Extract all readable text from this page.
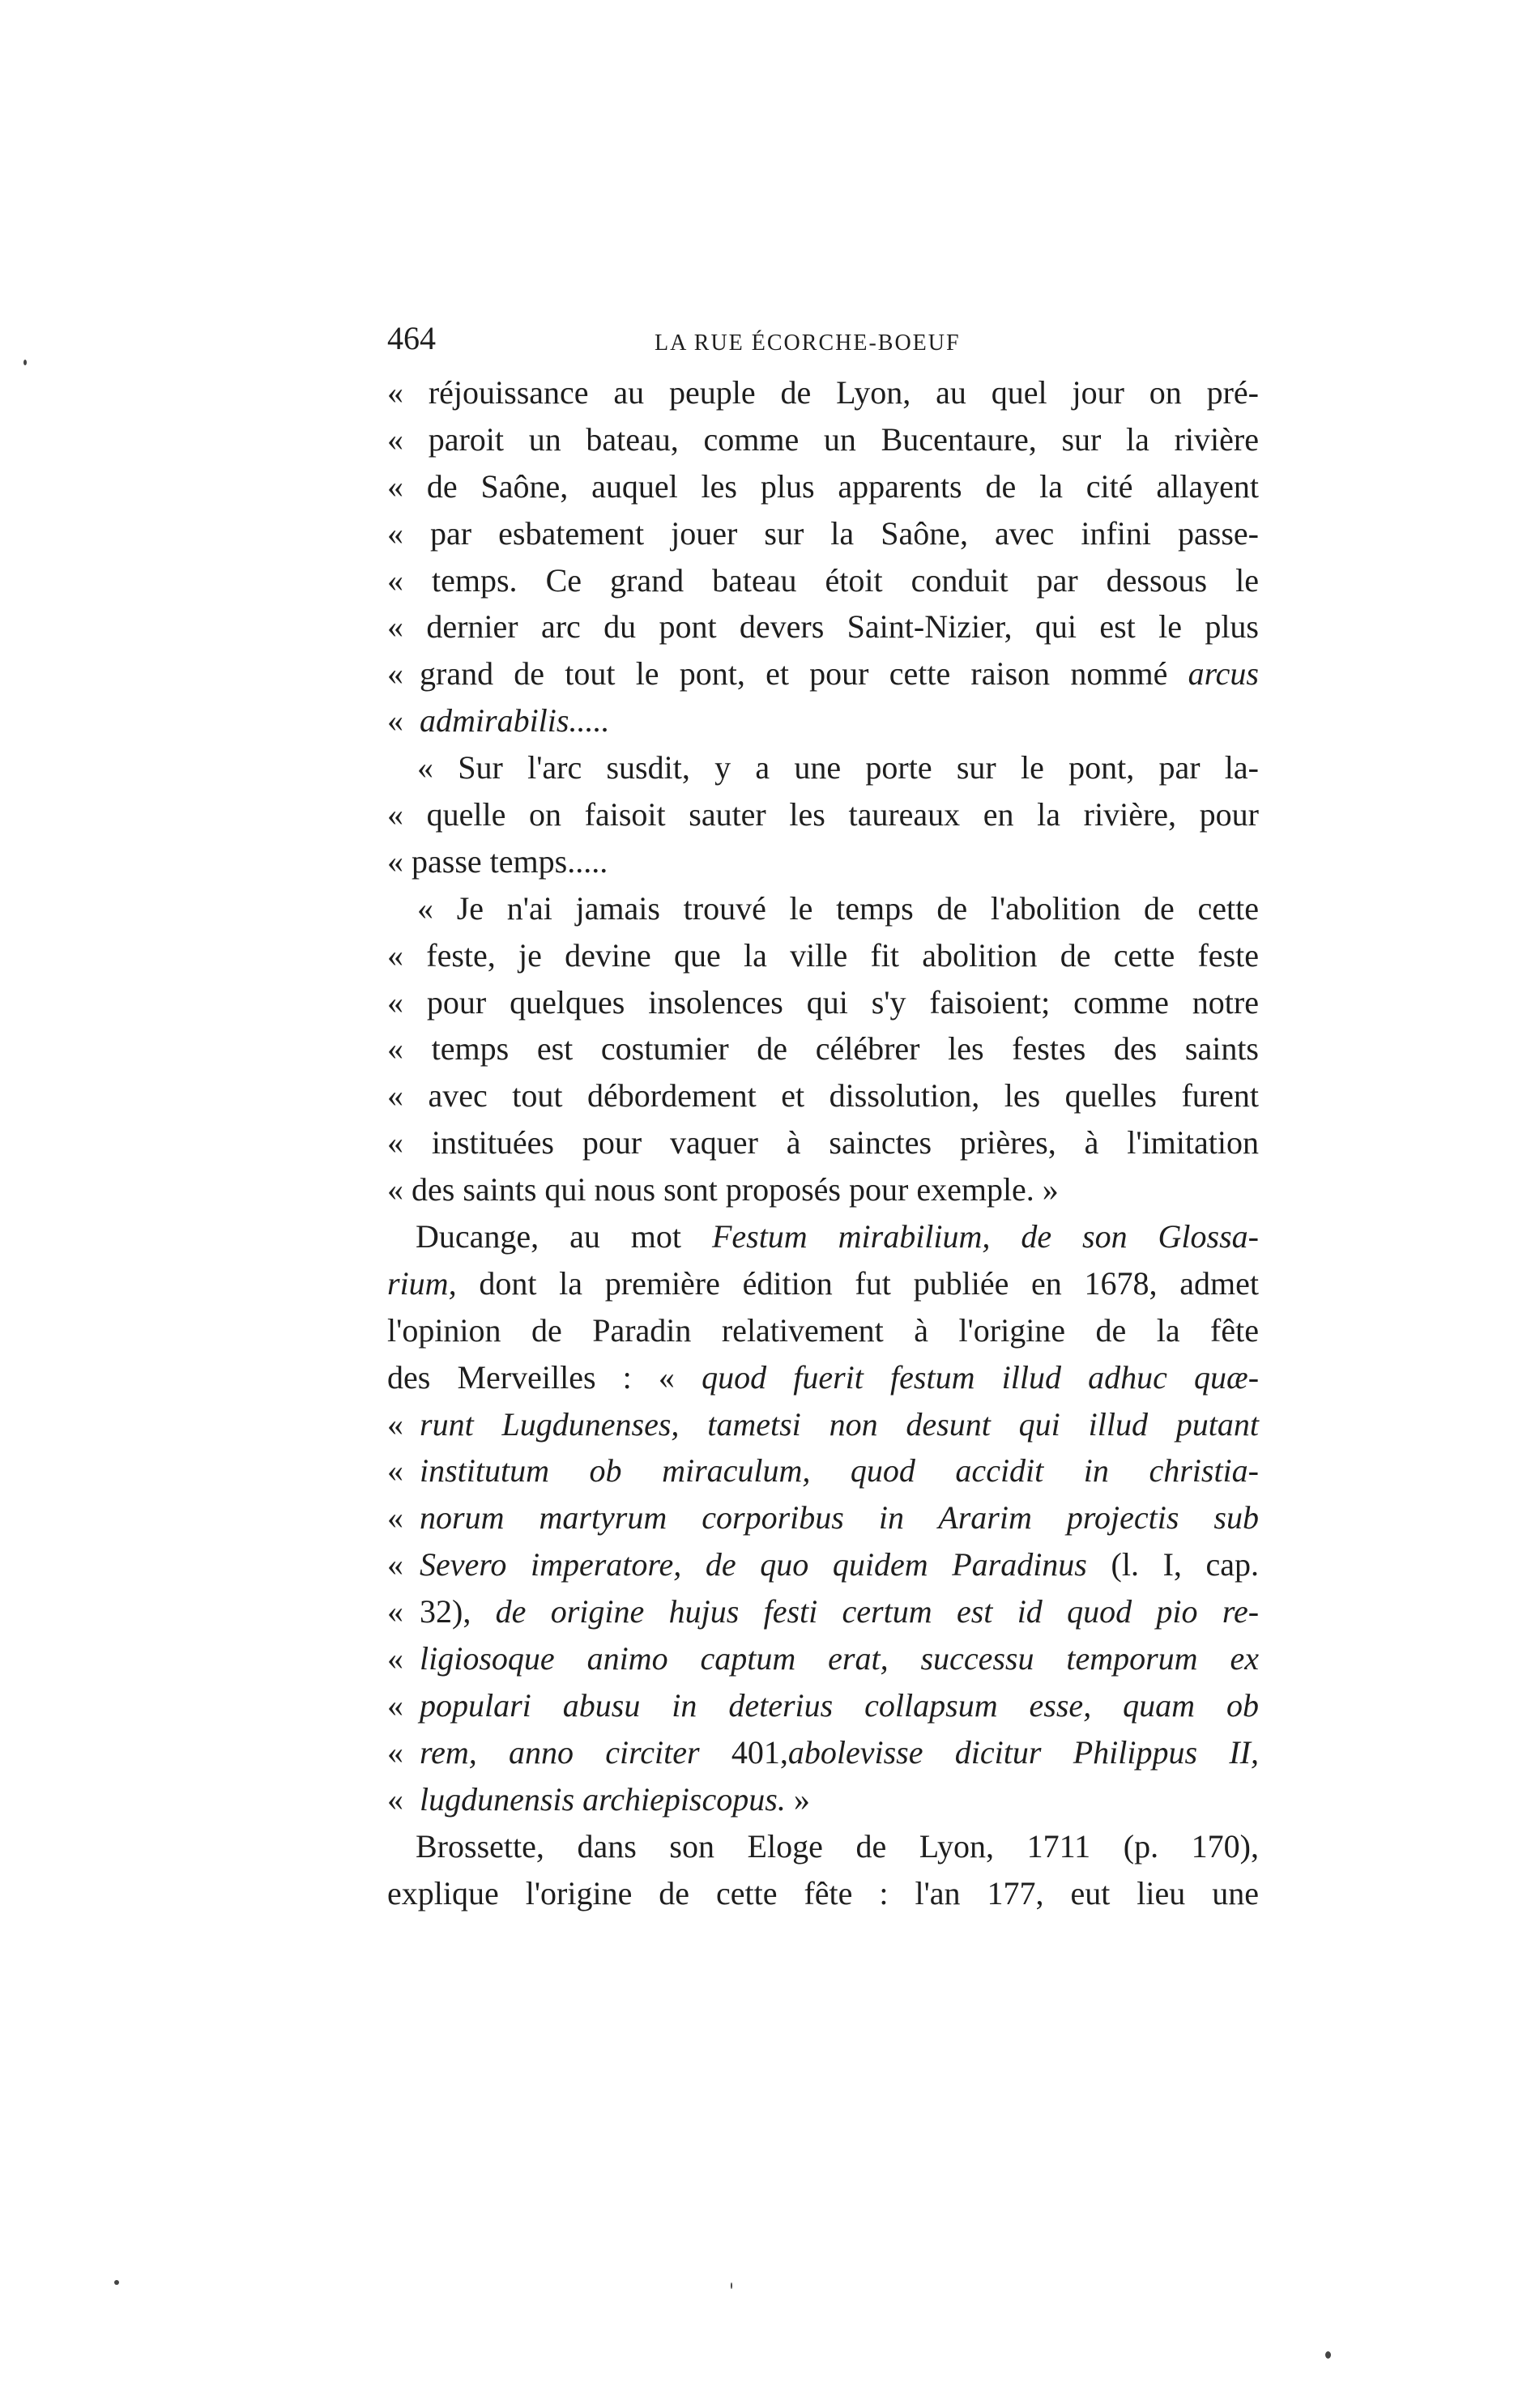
464	LA RUE ÉCORCHE-BOEUF
« réjouissance au peuple de Lyon, au quel jour on pré-
« paroit un bateau, comme un Bucentaure, sur la rivière
« de Saône, auquel les plus apparents de la cité allayent
« par esbatement jouer sur la Saône, avec infini passe-
« temps. Ce grand bateau étoit conduit par dessous le
« dernier arc du pont devers Saint-Nizier, qui est le plus
« grand de tout le pont, et pour cette raison nommé arcus
« admirabilis.....
« Sur l'arc susdit, y a une porte sur le pont, par la-
« quelle on faisoit sauter les taureaux en la rivière, pour
« passe temps.....
« Je n'ai jamais trouvé le temps de l'abolition de cette
« feste, je devine que la ville fit abolition de cette feste
« pour quelques insolences qui s'y faisoient; comme notre
« temps est costumier de célébrer les festes des saints
« avec tout débordement et dissolution, les quelles furent
« instituées pour vaquer à sainctes prières, à l'imitation
« des saints qui nous sont proposés pour exemple. »
Ducange, au mot Festum mirabilium, de son Glossa-
rium, dont la première édition fut publiée en 1678, admet
l'opinion de Paradin relativement à l'origine de la fête
des Merveilles : « quod fuerit festum illud adhuc quæ-
« runt Lugdunenses, tametsi non desunt qui illud putant
« institutum ob miraculum, quod accidit in christia-
« norum martyrum corporibus in Ararim projectis sub
« Severo imperatore, de quo quidem Paradinus (l. I, cap.
« 32), de origine hujus festi certum est id quod pio re-
« ligiosoque animo captum erat, successu temporum ex
« populari abusu in deterius collapsum esse, quam ob
« rem, anno circiter 401,abolevisse dicitur Philippus II,
« lugdunensis archiepiscopus. »
Brossette, dans son Eloge de Lyon, 1711 (p. 170),
explique l'origine de cette fête : l'an 177, eut lieu une
